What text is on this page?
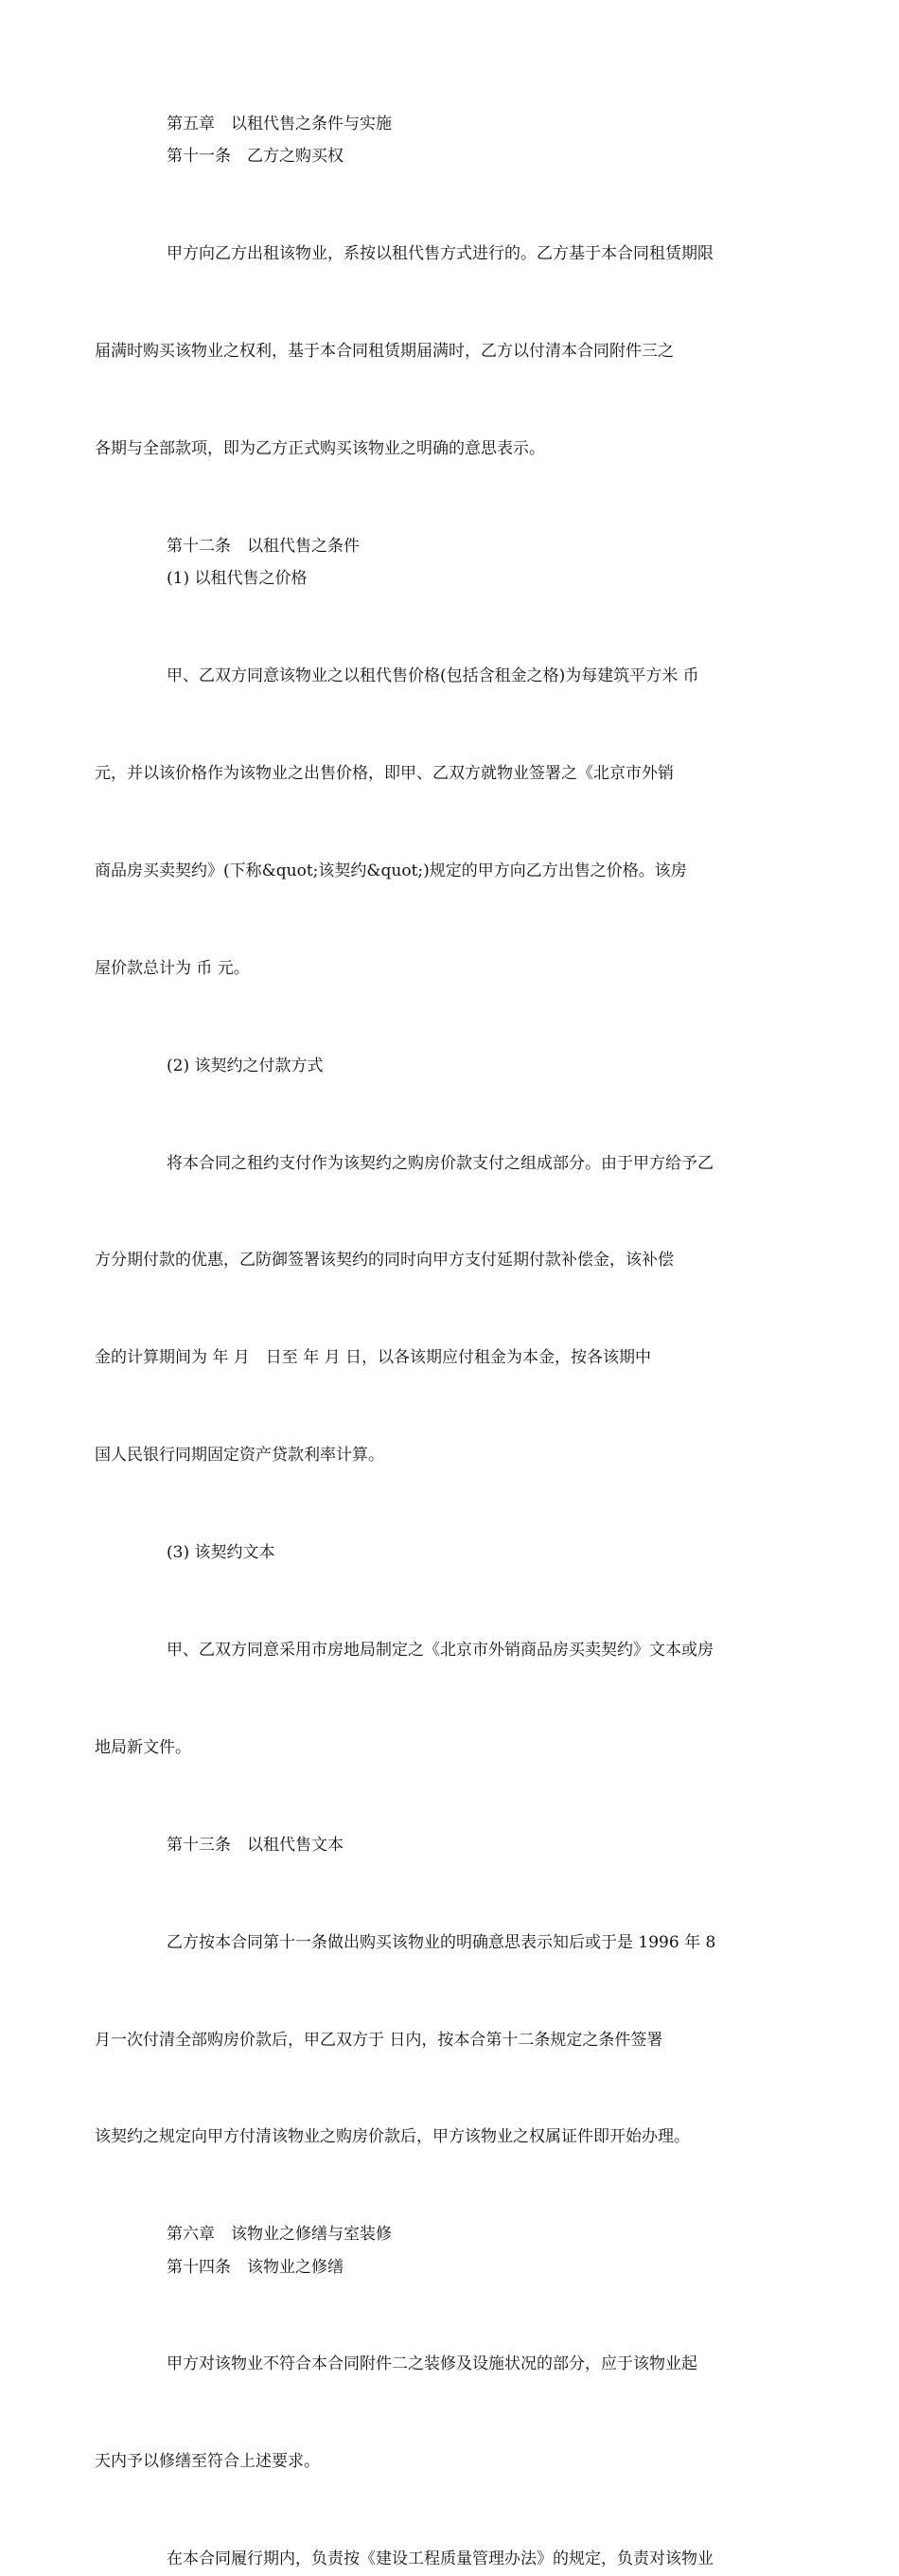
第五章　以租代售之条件与实施

第十一条　乙方之购买权

甲方向乙方出租该物业，系按以租代售方式进行的。乙方基于本合同租赁期限

届满时购买该物业之权利，基于本合同租赁期届满时，乙方以付清本合同附件三之

各期与全部款项，即为乙方正式购买该物业之明确的意思表示。

第十二条　以租代售之条件

(1) 以租代售之价格

甲、乙双方同意该物业之以租代售价格(包括含租金之格)为每建筑平方米 币

元，并以该价格作为该物业之出售价格，即甲、乙双方就物业签署之《北京市外销

商品房买卖契约》(下称&quot;该契约&quot;)规定的甲方向乙方出售之价格。该房

屋价款总计为 币 元。

(2) 该契约之付款方式

将本合同之租约支付作为该契约之购房价款支付之组成部分。由于甲方给予乙

方分期付款的优惠，乙防御签署该契约的同时向甲方支付延期付款补偿金，该补偿

金的计算期间为 年 月　日至 年 月 日，以各该期应付租金为本金，按各该期中

国人民银行同期固定资产贷款利率计算。

(3) 该契约文本

甲、乙双方同意采用市房地局制定之《北京市外销商品房买卖契约》文本或房

地局新文件。

第十三条　以租代售文本

乙方按本合同第十一条做出购买该物业的明确意思表示知后或于是 1996 年 8

月一次付清全部购房价款后，甲乙双方于 日内，按本合第十二条规定之条件签署

该契约之规定向甲方付清该物业之购房价款后，甲方该物业之权属证件即开始办理。

第六章　该物业之修缮与室装修

第十四条　该物业之修缮

甲方对该物业不符合本合同附件二之装修及设施状况的部分，应于该物业起

天内予以修缮至符合上述要求。

在本合同履行期内，负责按《建设工程质量管理办法》的规定，负责对该物业
